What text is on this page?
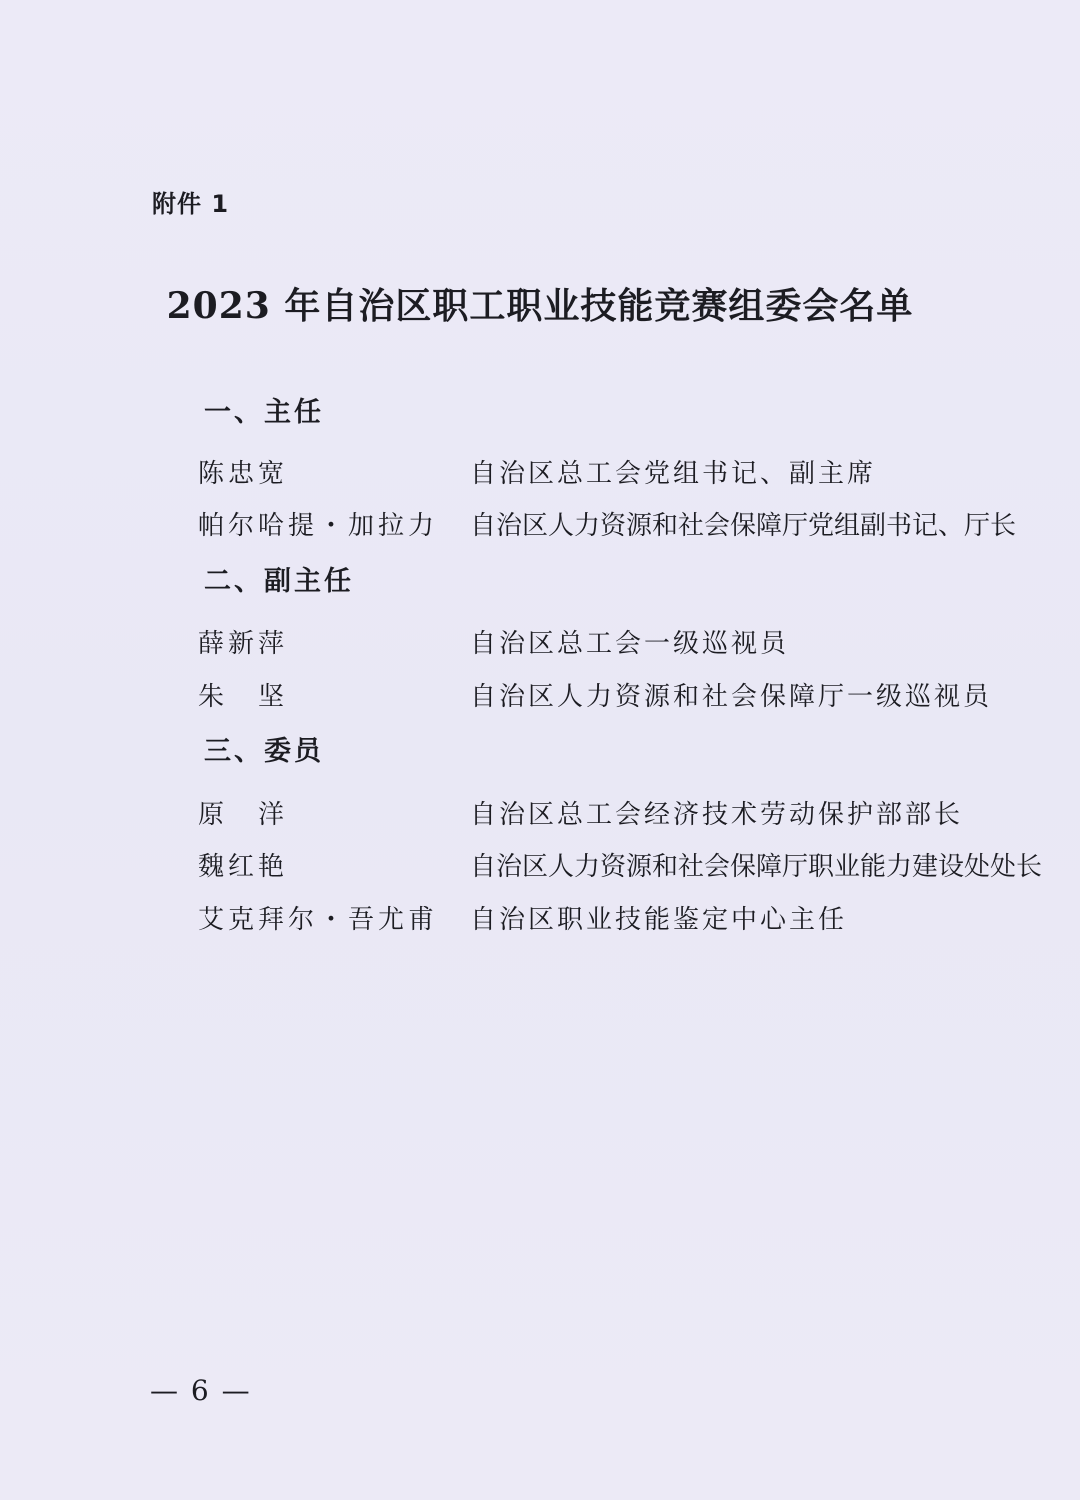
附件 1
2023 年自治区职工职业技能竞赛组委会名单
一、主任
陈忠宽	自治区总工会党组书记、副主席
帕尔哈提・加拉力 自治区人力资源和社会保障厅党组副书记、厅长
二、副主任
薛新萍	自治区总工会一级巡视员
朱　坚	自治区人力资源和社会保障厅一级巡视员
三、委员
原　洋	自治区总工会经济技术劳动保护部部长
魏红艳	自治区人力资源和社会保障厅职业能力建设处处长
艾克拜尔・吾尤甫 自治区职业技能鉴定中心主任
— 6 —
